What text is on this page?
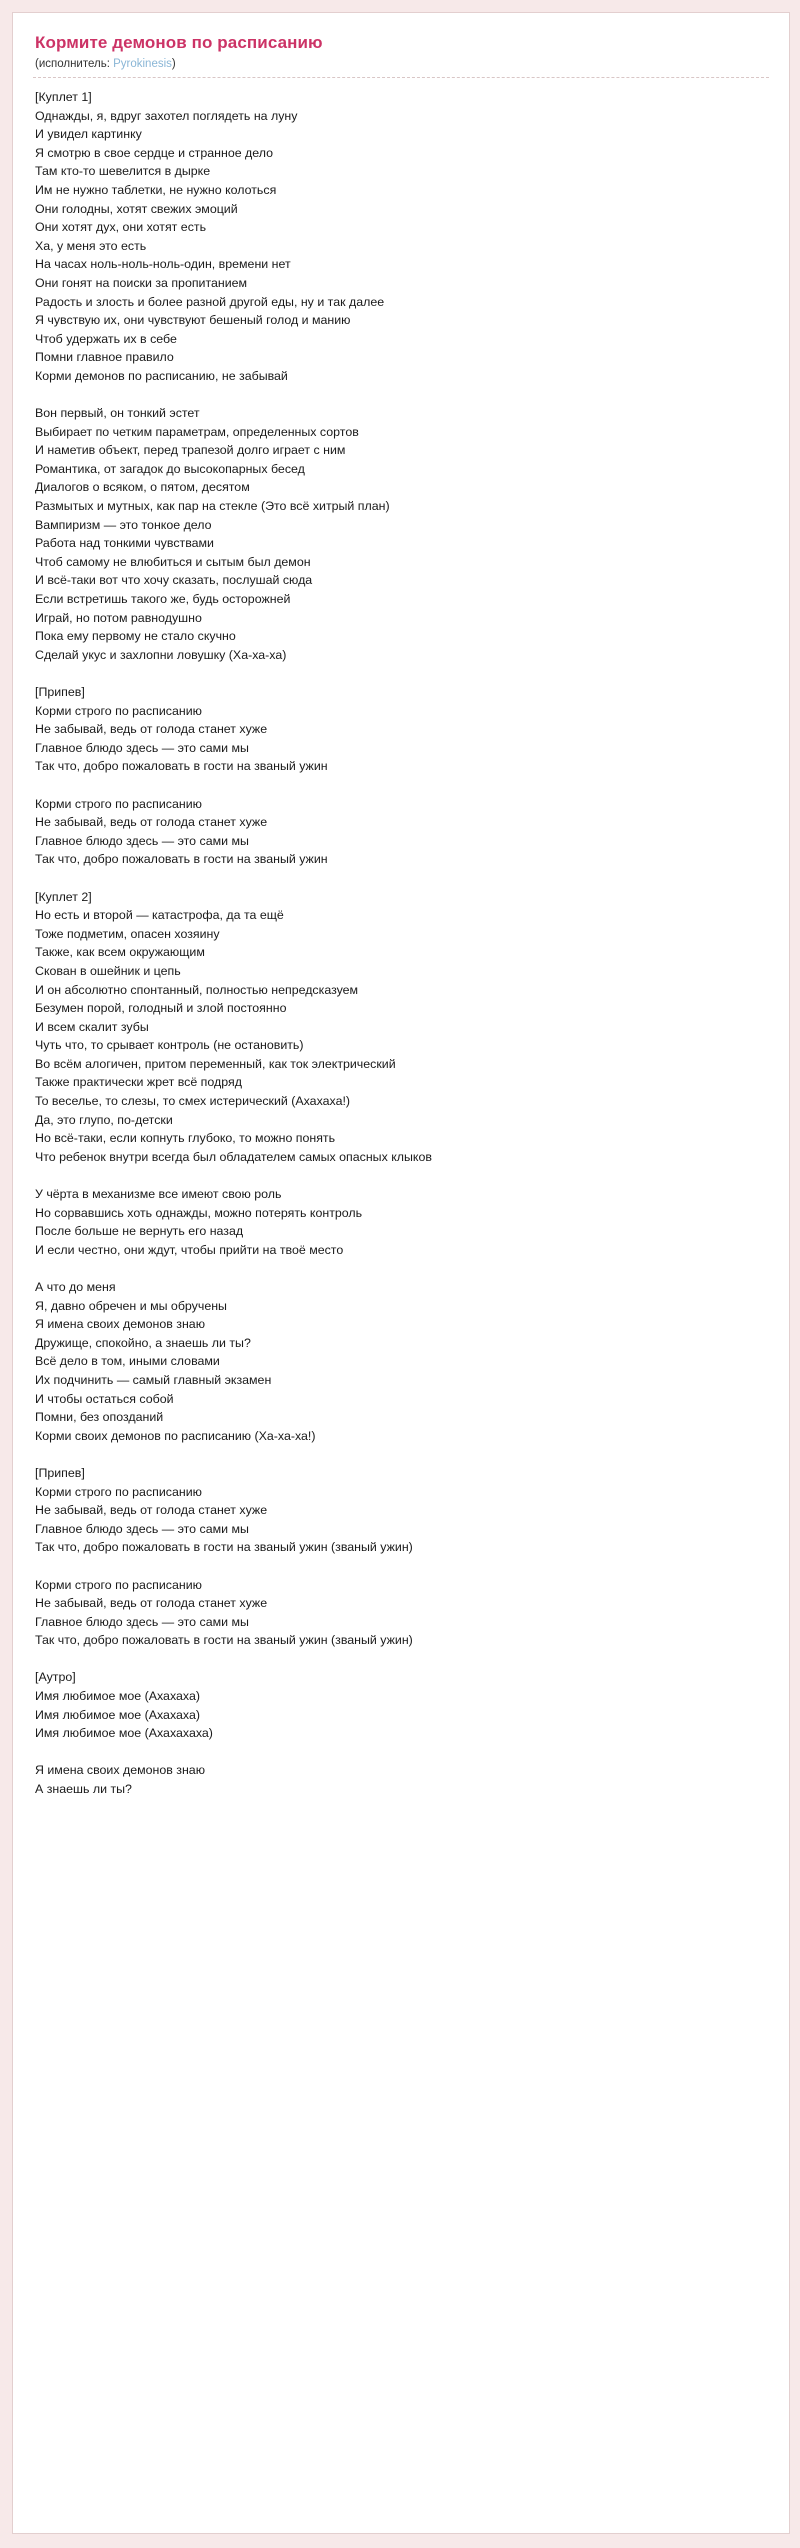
Кормите демонов по расписанию
(исполнитель: Pyrokinesis)
[Куплет 1]
Однажды, я, вдруг захотел поглядеть на луну
И увидел картинку
Я смотрю в свое сердце и странное дело
Там кто-то шевелится в дырке
Им не нужно таблетки, не нужно колоться
Они голодны, хотят свежих эмоций
Они хотят дух, они хотят есть
Ха, у меня это есть
На часах ноль-ноль-ноль-один, времени нет
Они гонят на поиски за пропитанием
Радость и злость и более разной другой еды, ну и так далее
Я чувствую их, они чувствуют бешеный голод и манию
Чтоб удержать их в себе
Помни главное правило
Корми демонов по расписанию, не забывай
Вон первый, он тонкий эстет
Выбирает по четким параметрам, определенных сортов
И наметив объект, перед трапезой долго играет с ним
Романтика, от загадок до высокопарных бесед
Диалогов о всяком, о пятом, десятом
Размытых и мутных, как пар на стекле (Это всё хитрый план)
Вампиризм — это тонкое дело
Работа над тонкими чувствами
Чтоб самому не влюбиться и сытым был демон
И всё-таки вот что хочу сказать, послушай сюда
Если встретишь такого же, будь осторожней
Играй, но потом равнодушно
Пока ему первому не стало скучно
Сделай укус и захлопни ловушку (Ха-ха-ха)
[Припев]
Корми строго по расписанию
Не забывай, ведь от голода станет хуже
Главное блюдо здесь — это сами мы
Так что, добро пожаловать в гости на званый ужин
Корми строго по расписанию
Не забывай, ведь от голода станет хуже
Главное блюдо здесь — это сами мы
Так что, добро пожаловать в гости на званый ужин
[Куплет 2]
Но есть и второй — катастрофа, да та ещё
Тоже подметим, опасен хозяину
Также, как всем окружающим
Скован в ошейник и цепь
И он абсолютно спонтанный, полностью непредсказуем
Безумен порой, голодный и злой постоянно
И всем скалит зубы
Чуть что, то срывает контроль (не остановить)
Во всём алогичен, притом переменный, как ток электрический
Также практически жрет всё подряд
То веселье, то слезы, то смех истерический (Ахахаха!)
Да, это глупо, по-детски
Но всё-таки, если копнуть глубоко, то можно понять
Что ребенок внутри всегда был обладателем самых опасных клыков
У чёрта в механизме все имеют свою роль
Но сорвавшись хоть однажды, можно потерять контроль
После больше не вернуть его назад
И если честно, они ждут, чтобы прийти на твоё место
А что до меня
Я, давно обречен и мы обручены
Я имена своих демонов знаю
Дружище, спокойно, а знаешь ли ты?
Всё дело в том, иными словами
Их подчинить — самый главный экзамен
И чтобы остаться собой
Помни, без опозданий
Корми своих демонов по расписанию (Ха-ха-ха!)
[Припев]
Корми строго по расписанию
Не забывай, ведь от голода станет хуже
Главное блюдо здесь — это сами мы
Так что, добро пожаловать в гости на званый ужин (званый ужин)
Корми строго по расписанию
Не забывай, ведь от голода станет хуже
Главное блюдо здесь — это сами мы
Так что, добро пожаловать в гости на званый ужин (званый ужин)
[Аутро]
Имя любимое мое (Ахахаха)
Имя любимое мое (Ахахаха)
Имя любимое мое (Ахахахаха)
Я имена своих демонов знаю
А знаешь ли ты?
